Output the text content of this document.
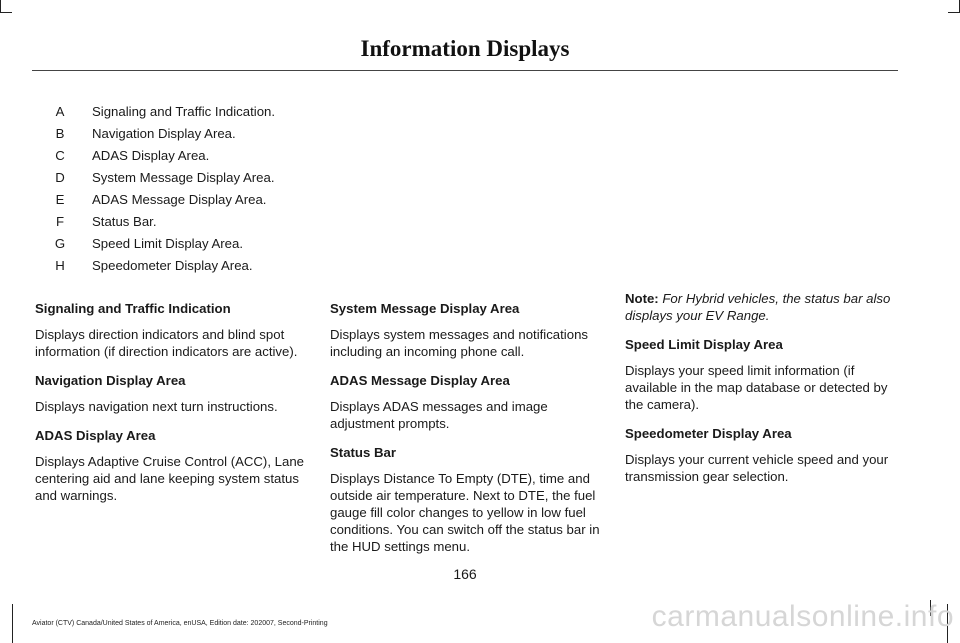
Information Displays
A	Signaling and Traffic Indication.
B	Navigation Display Area.
C	ADAS Display Area.
D	System Message Display Area.
E	ADAS Message Display Area.
F	Status Bar.
G	Speed Limit Display Area.
H	Speedometer Display Area.
Signaling and Traffic Indication

Displays direction indicators and blind spot information (if direction indicators are active).

Navigation Display Area

Displays navigation next turn instructions.

ADAS Display Area

Displays Adaptive Cruise Control (ACC), Lane centering aid and lane keeping system status and warnings.

System Message Display Area

Displays system messages and notifications including an incoming phone call.

ADAS Message Display Area

Displays ADAS messages and image adjustment prompts.

Status Bar

Displays Distance To Empty (DTE), time and outside air temperature. Next to DTE, the fuel gauge fill color changes to yellow in low fuel conditions. You can switch off the status bar in the HUD settings menu.

Note: For Hybrid vehicles, the status bar also displays your EV Range.

Speed Limit Display Area

Displays your speed limit information (if available in the map database or detected by the camera).

Speedometer Display Area

Displays your current vehicle speed and your transmission gear selection.

166
Aviator (CTV) Canada/United States of America, enUSA, Edition date: 202007, Second-Printing	carmanualsonline.info
